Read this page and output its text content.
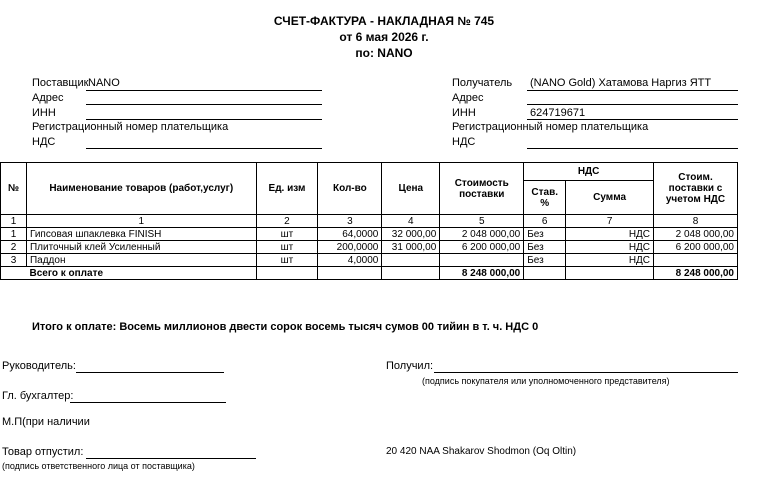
СЧЕТ-ФАКТУРА - НАКЛАДНАЯ № 745
от 6 мая 2026 г.
по: NANO
Поставщик NANO
Адрес
ИНН
Регистрационный номер плательщика
НДС
Получатель (NANO Gold) Хатамова Наргиз ЯТТ
Адрес
ИНН	624719671
Регистрационный номер плательщика
НДС
№	Наименование товаров (работ,услуг)	Ед. изм	Кол-во	Цена	Стоимость поставки	НДС		Стоим. поставки с учетом НДС
						Став. %	Сумма	
1	1	2	3	4	5	6	7	8
1	Гипсовая шпаклевка FINISH	шт	64,0000	32 000,00	2 048 000,00	Без	НДС	2 048 000,00
2	Плиточный клей Усиленный	шт	200,0000	31 000,00	6 200 000,00	Без	НДС	6 200 000,00
3	Паддон	шт	4,0000			Без	НДС	
	Всего к оплате				8 248 000,00			8 248 000,00
Итого к оплате: Восемь миллионов двести сорок восемь тысяч сумов 00 тийин в т. ч. НДС 0
Руководитель:	Получил:
(подпись покупателя или уполномоченного представителя)
Гл. бухгалтер:
М.П(при наличии
Товар отпустил:
(подпись ответственного лица от поставщика)
20 420 NAA Shakarov Shodmon (Oq Oltin)
